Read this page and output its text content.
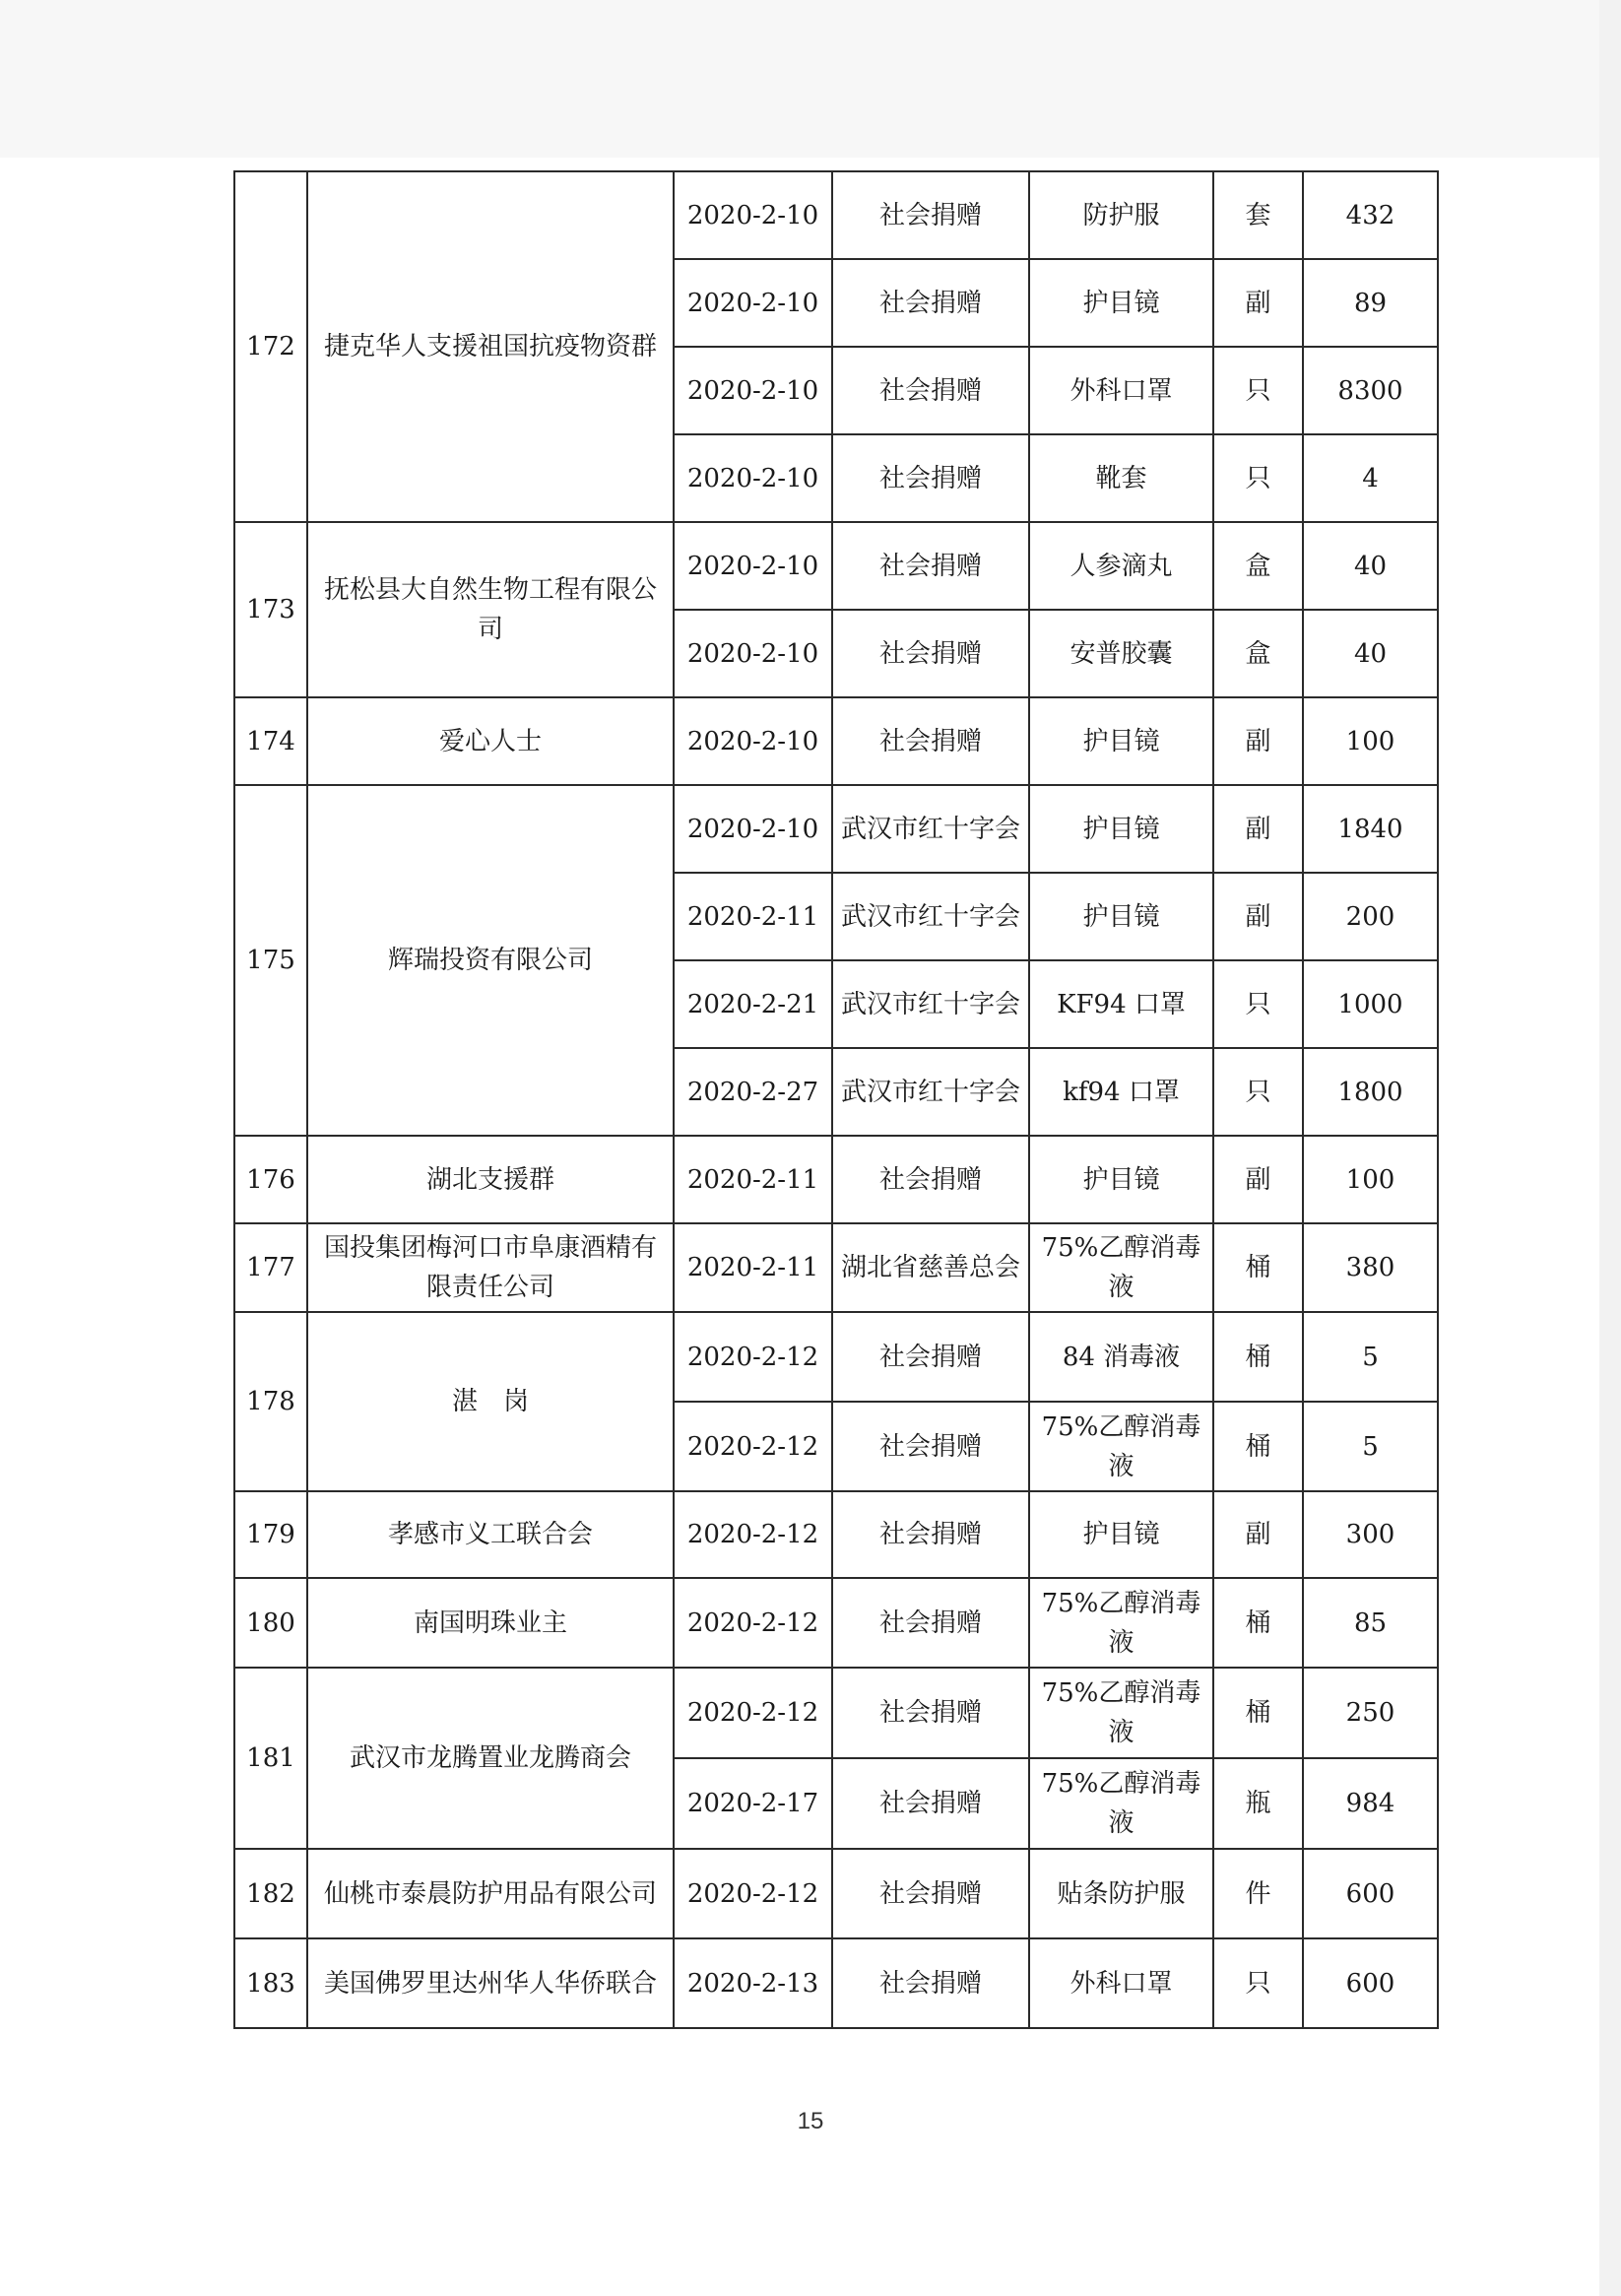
172	捷克华人支援祖国抗疫物资群	2020-2-10	社会捐赠	防护服	套	432
		2020-2-10	社会捐赠	护目镜	副	89
		2020-2-10	社会捐赠	外科口罩	只	8300
		2020-2-10	社会捐赠	靴套	只	4
173	抚松县大自然生物工程有限公司	2020-2-10	社会捐赠	人参滴丸	盒	40
		2020-2-10	社会捐赠	安普胶囊	盒	40
174	爱心人士	2020-2-10	社会捐赠	护目镜	副	100
175	辉瑞投资有限公司	2020-2-10	武汉市红十字会	护目镜	副	1840
		2020-2-11	武汉市红十字会	护目镜	副	200
		2020-2-21	武汉市红十字会	KF94 口罩	只	1000
		2020-2-27	武汉市红十字会	kf94 口罩	只	1800
176	湖北支援群	2020-2-11	社会捐赠	护目镜	副	100
177	国投集团梅河口市阜康酒精有限责任公司	2020-2-11	湖北省慈善总会	75%乙醇消毒液	桶	380
178	湛　岗	2020-2-12	社会捐赠	84 消毒液	桶	5
		2020-2-12	社会捐赠	75%乙醇消毒液	桶	5
179	孝感市义工联合会	2020-2-12	社会捐赠	护目镜	副	300
180	南国明珠业主	2020-2-12	社会捐赠	75%乙醇消毒液	桶	85
181	武汉市龙腾置业龙腾商会	2020-2-12	社会捐赠	75%乙醇消毒液	桶	250
		2020-2-17	社会捐赠	75%乙醇消毒液	瓶	984
182	仙桃市泰晨防护用品有限公司	2020-2-12	社会捐赠	贴条防护服	件	600
183	美国佛罗里达州华人华侨联合	2020-2-13	社会捐赠	外科口罩	只	600
15
